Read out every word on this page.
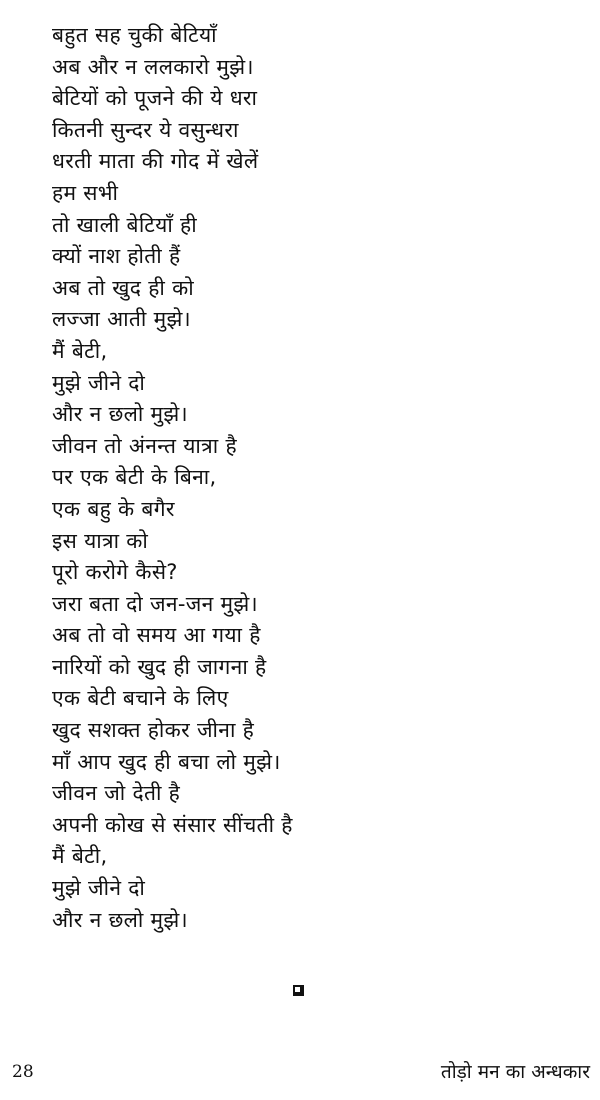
बहुत सह चुकी बेटियाँ
अब और न ललकारो मुझे।
बेटियों को पूजने की ये धरा
कितनी सुन्दर ये वसुन्धरा
धरती माता की गोद में खेलें
हम सभी
तो खाली बेटियाँ ही
क्यों नाश होती हैं
अब तो खुद ही को
लज्जा आती मुझे।
मैं बेटी,
मुझे जीने दो
और न छलो मुझे।
जीवन तो अंनन्त यात्रा है
पर एक बेटी के बिना,
एक बहु के बगैर
इस यात्रा को
पूरो करोगे कैसे?
जरा बता दो जन-जन मुझे।
अब तो वो समय आ गया है
नारियों को खुद ही जागना है
एक बेटी बचाने के लिए
खुद सशक्त होकर जीना है
माँ आप खुद ही बचा लो मुझे।
जीवन जो देती है
अपनी कोख से संसार सींचती है
मैं बेटी,
मुझे जीने दो
और न छलो मुझे।
28	तोड़ो मन का अन्धकार
